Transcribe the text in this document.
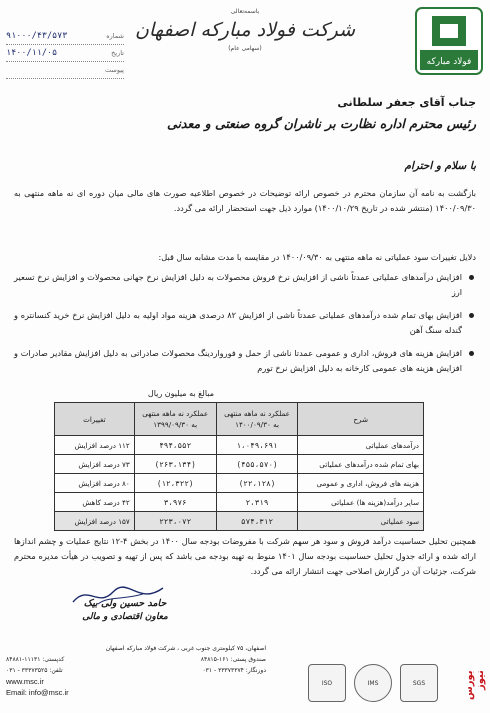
فولاد مبارکه
باسمه‌تعالی
شرکت فولاد مبارکه اصفهان
(سهامی عام)
شماره
۹۱۰۰۰/۴۳/۵۷۳
تاریخ
۱۴۰۰/۱۱/۰۵
پیوست
جناب آقای جعفر سلطانی
رئیس محترم اداره نظارت بر ناشران گروه صنعتی و معدنی
با سلام و احترام
بازگشت به نامه آن سازمان محترم در خصوص ارائه توضیحات در خصوص اطلاعیه صورت های مالی میان دوره ای نه ماهه منتهی به ۱۴۰۰/۰۹/۳۰ (منتشر شده در تاریخ ۱۴۰۰/۱۰/۲۹) موارد ذیل جهت استحضار ارائه می گردد.
دلایل تغییرات سود عملیاتی نه ماهه منتهی به ۱۴۰۰/۰۹/۳۰ در مقایسه با مدت مشابه سال قبل:
افزایش درآمدهای عملیاتی عمدتاً ناشی از افزایش نرخ فروش محصولات به دلیل افزایش نرخ جهانی محصولات و افزایش نرخ تسعیر ارز
افزایش بهای تمام شده درآمدهای عملیاتی عمدتاً ناشی از افزایش ۸۲ درصدی هزینه مواد اولیه به دلیل افزایش نرخ خرید کنسانتره و گندله سنگ آهن
افزایش هزینه های فروش، اداری و عمومی عمدتا ناشی از حمل و فورواردینگ محصولات صادراتی به دلیل افزایش مقادیر صادرات و افزایش هزینه های عمومی کارخانه به دلیل افزایش نرخ تورم
مبالغ به میلیون ریال
شرح	عملکرد نه ماهه منتهی به ۱۴۰۰/۰۹/۳۰	عملکرد نه ماهه منتهی به ۱۳۹۹/۰۹/۳۰	تغییرات
درآمدهای عملیاتی	۱،۰۴۹،۶۹۱	۴۹۴،۵۵۲	۱۱۲ درصد افزایش
بهای تمام شده درآمدهای عملیاتی	(۴۵۵،۵۷۰)	(۲۶۳،۱۳۴)	۷۳ درصد افزایش
هزینه های فروش، اداری و عمومی	(۲۲،۱۲۸)	(۱۲،۳۲۲)	۸۰ درصد افزایش
سایر درآمد(هزینه ها) عملیاتی	۲،۳۱۹	۳،۹۷۶	۴۲ درصد کاهش
سود عملیاتی	۵۷۴،۳۱۲	۲۲۳،۰۷۲	۱۵۷ درصد افزایش
همچنین تحلیل حساسیت درآمد فروش و سود هر سهم شرکت با مفروضات بودجه سال ۱۴۰۰ در بخش ۴-۱۲ نتایج عملیات و چشم اندازها ارائه شده و ارائه جدول تحلیل حساسیت بودجه سال ۱۴۰۱ منوط به تهیه بودجه می باشد که پس از تهیه و تصویب در هیأت مدیره محترم شرکت، جزئیات آن در گزارش اصلاحی جهت انتشار ارائه می گردد.
حامد حسین ولی بیک
معاون اقتصادی و مالی
اصفهان، ۷۵ کیلومتری جنوب غربی ، شرکت فولاد مبارکه اصفهان
صندوق پستی: ۱۶۱-۸۴۸۱۵
کدپستی: ۱۱۱۳۱-۸۴۸۸۱
دورنگار: ۳۳۳۷۳۳۷۴ - ۰۳۱
تلفن: ۳۳۳۷۳۵۲۵ - ۰۳۱
www.msc.ir
Email: info@msc.ir
SGS
IMS
ISO	بورس نیوز
